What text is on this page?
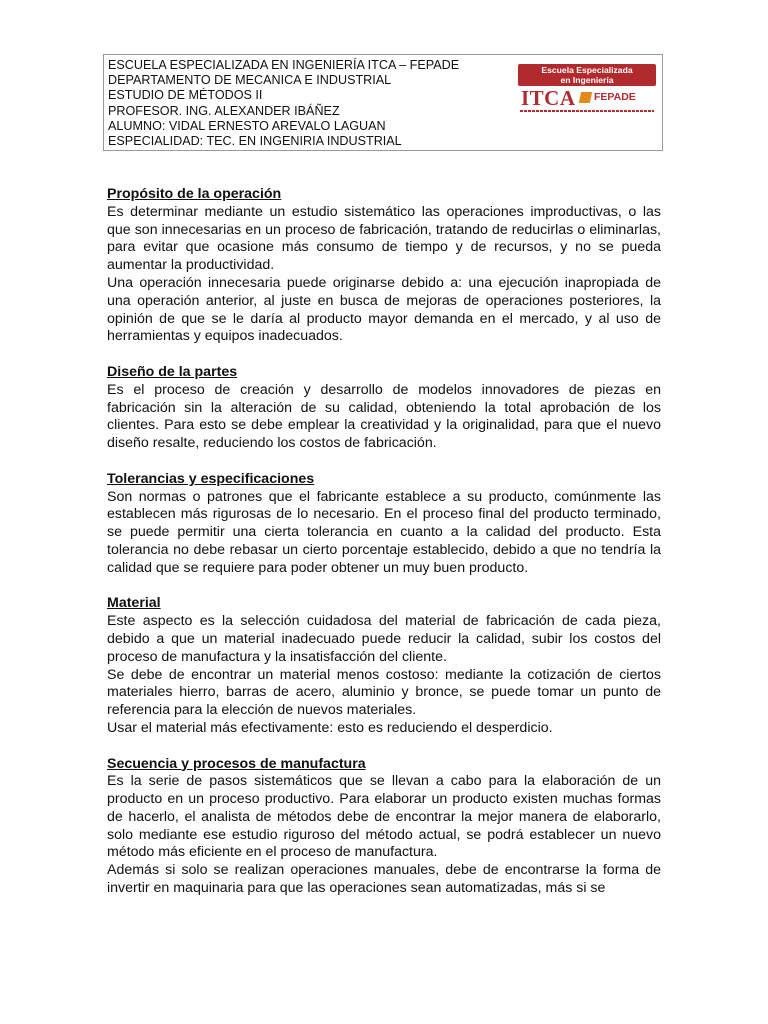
ESCUELA ESPECIALIZADA EN INGENIERÍA ITCA – FEPADE
DEPARTAMENTO DE MECANICA E INDUSTRIAL
ESTUDIO DE MÉTODOS II
PROFESOR. ING. ALEXANDER IBÁÑEZ
ALUMNO: VIDAL ERNESTO AREVALO LAGUAN
ESPECIALIDAD: TEC. EN INGENIRIA INDUSTRIAL
Escuela Especializada
en Ingeniería
ITCA FEPADE

Propósito de la operación

Es determinar mediante un estudio sistemático las operaciones improductivas, o las que son innecesarias en un proceso de fabricación, tratando de reducirlas o eliminarlas, para evitar que ocasione más consumo de tiempo y de recursos, y no se pueda aumentar la productividad.

Una operación innecesaria puede originarse debido a: una ejecución inapropiada de una operación anterior, al juste en busca de mejoras de operaciones posteriores, la opinión de que se le daría al producto mayor demanda en el mercado, y al uso de herramientas y equipos inadecuados.

Diseño de la partes

Es el proceso de creación y desarrollo de modelos innovadores de piezas en fabricación sin la alteración de su calidad, obteniendo la total aprobación de los clientes. Para esto se debe emplear la creatividad y la originalidad, para que el nuevo diseño resalte, reduciendo los costos de fabricación.

Tolerancias y especificaciones

Son normas o patrones que el fabricante establece a su producto, comúnmente las establecen más rigurosas de lo necesario. En el proceso final del producto terminado, se puede permitir una cierta tolerancia en cuanto a la calidad del producto. Esta tolerancia no debe rebasar un cierto porcentaje establecido, debido a que no tendría la calidad que se requiere para poder obtener un muy buen producto.

Material

Este aspecto es la selección cuidadosa del material de fabricación de cada pieza, debido a que un material inadecuado puede reducir la calidad, subir los costos del proceso de manufactura y la insatisfacción del cliente.

Se debe de encontrar un material menos costoso: mediante la cotización de ciertos materiales hierro, barras de acero, aluminio y bronce, se puede tomar un punto de referencia para la elección de nuevos materiales.

Usar el material más efectivamente: esto es reduciendo el desperdicio.

Secuencia y procesos de manufactura

Es la serie de pasos sistemáticos que se llevan a cabo para la elaboración de un producto en un proceso productivo. Para elaborar un producto existen muchas formas de hacerlo, el analista de métodos debe de encontrar la mejor manera de elaborarlo, solo mediante ese estudio riguroso del método actual, se podrá establecer un nuevo método más eficiente en el proceso de manufactura.

Además si solo se realizan operaciones manuales, debe de encontrarse la forma de invertir en maquinaria para que las operaciones sean automatizadas, más si se
